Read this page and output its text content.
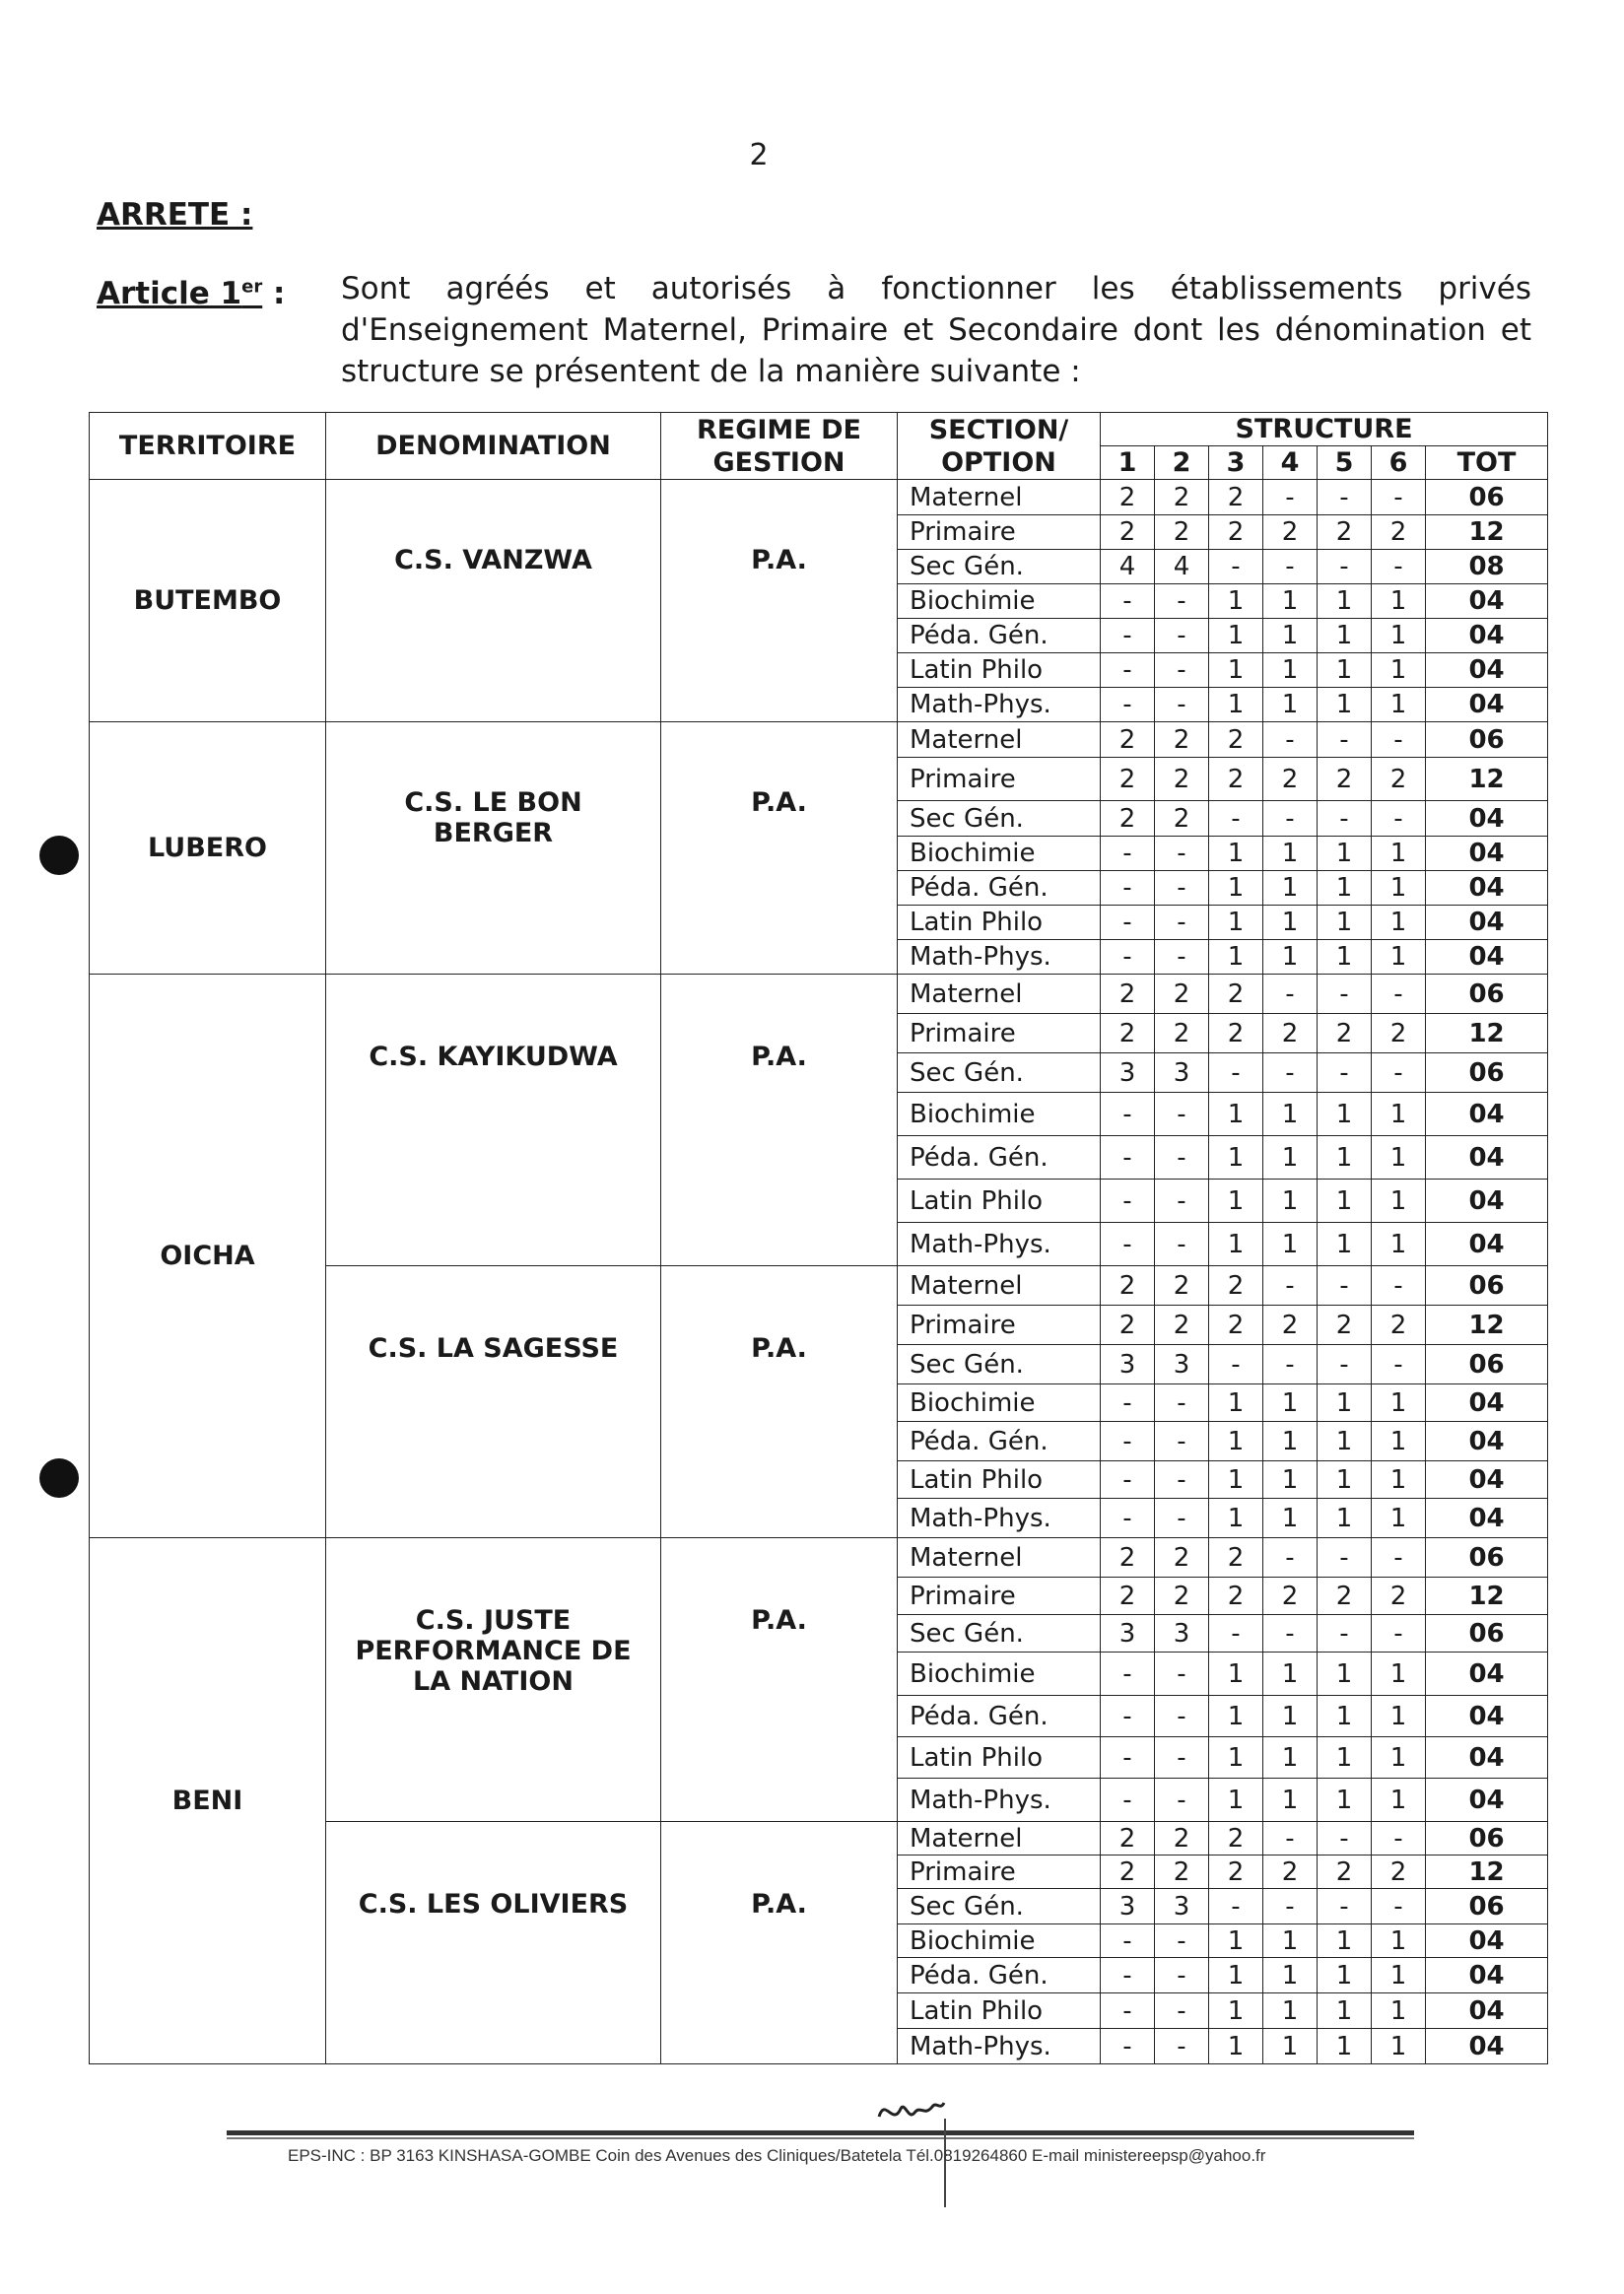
2
ARRETE :
Article 1er : Sont agréés et autorisés à fonctionner les établissements privés d'Enseignement Maternel, Primaire et Secondaire dont les dénomination et structure se présentent de la manière suivante :
TERRITOIRE	DENOMINATION	REGIME DE GESTION	SECTION/ OPTION	STRUCTURE						
				1	2	3	4	5	6	TOT

BUTEMBO	C.S. VANZWA	P.A.	Maternel	2	2	2	-	-	-	06
			Primaire	2	2	2	2	2	2	12
			Sec Gén.	4	4	-	-	-	-	08
			Biochimie	-	-	1	1	1	1	04
			Péda. Gén.	-	-	1	1	1	1	04
			Latin Philo	-	-	1	1	1	1	04
			Math-Phys.	-	-	1	1	1	1	04

LUBERO	C.S. LE BON BERGER	P.A.	Maternel	2	2	2	-	-	-	06
			Primaire	2	2	2	2	2	2	12
			Sec Gén.	2	2	-	-	-	-	04
			Biochimie	-	-	1	1	1	1	04
			Péda. Gén.	-	-	1	1	1	1	04
			Latin Philo	-	-	1	1	1	1	04
			Math-Phys.	-	-	1	1	1	1	04

OICHA	C.S. KAYIKUDWA	P.A.	Maternel	2	2	2	-	-	-	06
			Primaire	2	2	2	2	2	2	12
			Sec Gén.	3	3	-	-	-	-	06
			Biochimie	-	-	1	1	1	1	04
			Péda. Gén.	-	-	1	1	1	1	04
			Latin Philo	-	-	1	1	1	1	04
			Math-Phys.	-	-	1	1	1	1	04

	C.S. LA SAGESSE	P.A.	Maternel	2	2	2	-	-	-	06
			Primaire	2	2	2	2	2	2	12
			Sec Gén.	3	3	-	-	-	-	06
			Biochimie	-	-	1	1	1	1	04
			Péda. Gén.	-	-	1	1	1	1	04
			Latin Philo	-	-	1	1	1	1	04
			Math-Phys.	-	-	1	1	1	1	04

BENI	C.S. JUSTE PERFORMANCE DE LA NATION	P.A.	Maternel	2	2	2	-	-	-	06
			Primaire	2	2	2	2	2	2	12
			Sec Gén.	3	3	-	-	-	-	06
			Biochimie	-	-	1	1	1	1	04
			Péda. Gén.	-	-	1	1	1	1	04
			Latin Philo	-	-	1	1	1	1	04
			Math-Phys.	-	-	1	1	1	1	04

	C.S. LES OLIVIERS	P.A.	Maternel	2	2	2	-	-	-	06
			Primaire	2	2	2	2	2	2	12
			Sec Gén.	3	3	-	-	-	-	06
			Biochimie	-	-	1	1	1	1	04
			Péda. Gén.	-	-	1	1	1	1	04
			Latin Philo	-	-	1	1	1	1	04
			Math-Phys.	-	-	1	1	1	1	04
EPS-INC : BP 3163 KINSHASA-GOMBE Coin des Avenues des Cliniques/Batetela Tél.0819264860 E-mail ministereepsp@yahoo.fr
